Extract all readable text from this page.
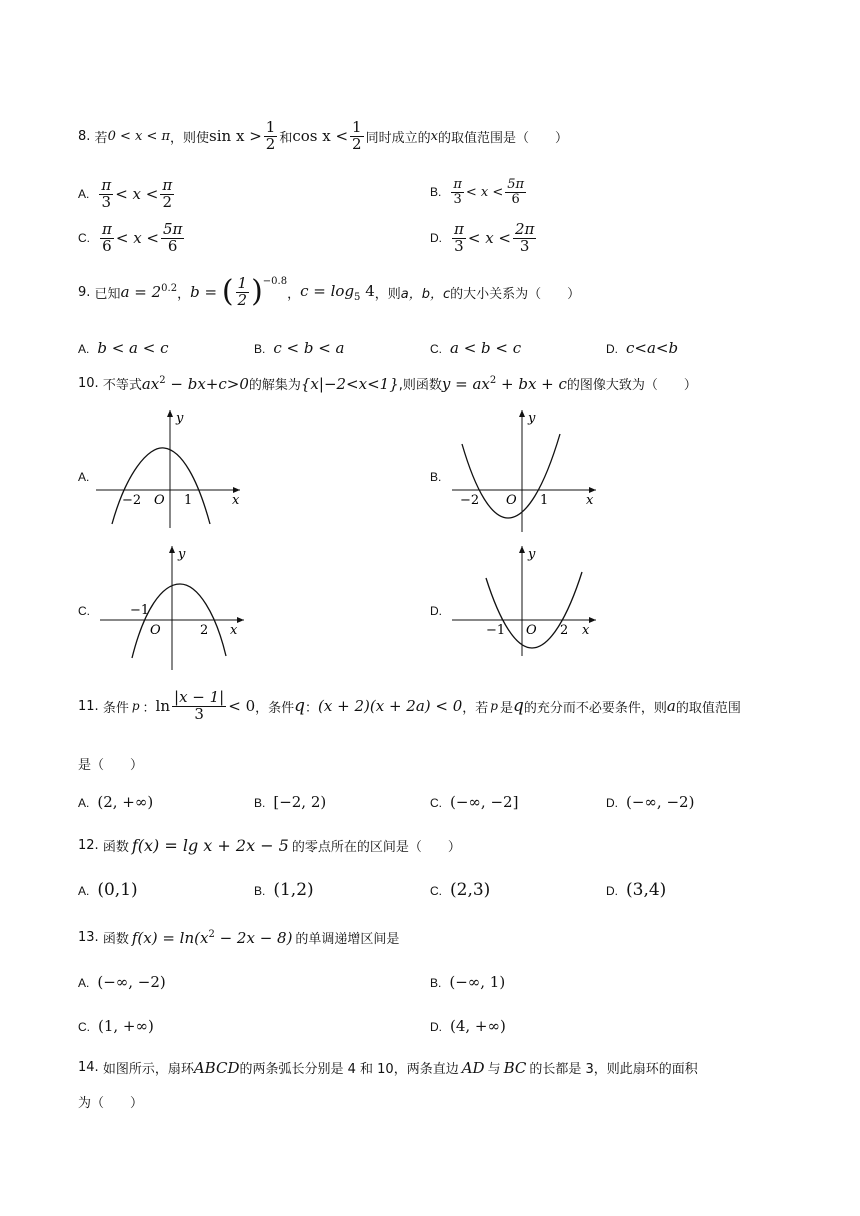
8.
若 0 < x < π ，则使 $\sin x > \frac{1}{2}$ 和 $\cos x < \frac{1}{2}$ 同时成立的 x 的取值范围是（　　）
A. $\frac{\pi}{3} < x < \frac{\pi}{2}$	B. $\frac{\pi}{3} < x < \frac{5\pi}{6}$
C. $\frac{\pi}{6} < x < \frac{5\pi}{6}$	D. $\frac{\pi}{3} < x < \frac{2\pi}{3}$
9.
已知 $a = 2^{0.2}$ ， b =
( $\frac{1}{2} )^{-0.8}$
， $c = \log_5 4$ ，则 a，b，c 的大小关系为（　　）
A. b < a < c	B. c < b < a	C. a < b < c	D. c<a<b
10.
不等式 $ax^2 - bx+c>0$ 的解集为 {x|−2<x<1} ,则函数 $y = ax^2$ + bx + c 的图像大致为（　　）
A.
x
y
−2 O 1
B.
x
y
−2 O 1
C.
x
y
−1
O	2
D.
x
y
−1 O 2
11.
条件 p ： $\ln \frac{|x - 1|}{3} < 0$ ，条件 q ： (x + 2)(x + 2a) < 0 ，若 p 是 q 的充分而不必要条件，则 a 的取值范围
是（　　）
A. (2, +∞)	B. [−2, 2)	C. (−∞, −2]	D. (−∞, −2)
12.
函数 f(x) = lg x + 2x − 5 的零点所在的区间是（　　）
A. (0,1)	B. (1,2)	C. (2,3)	D. (3,4)
13.
函数 $f(x) = \ln(x^2 - 2x - 8)$ 的单调递增区间是
A. (−∞, −2)	B. (−∞, 1)
C. (1, +∞)	D. (4, +∞)
14.
如图所示，扇环 ABCD 的两条弧长分别是 4 和 10，两条直边 AD 与 BC 的长都是 3，则此扇环的面积
为（　　）
